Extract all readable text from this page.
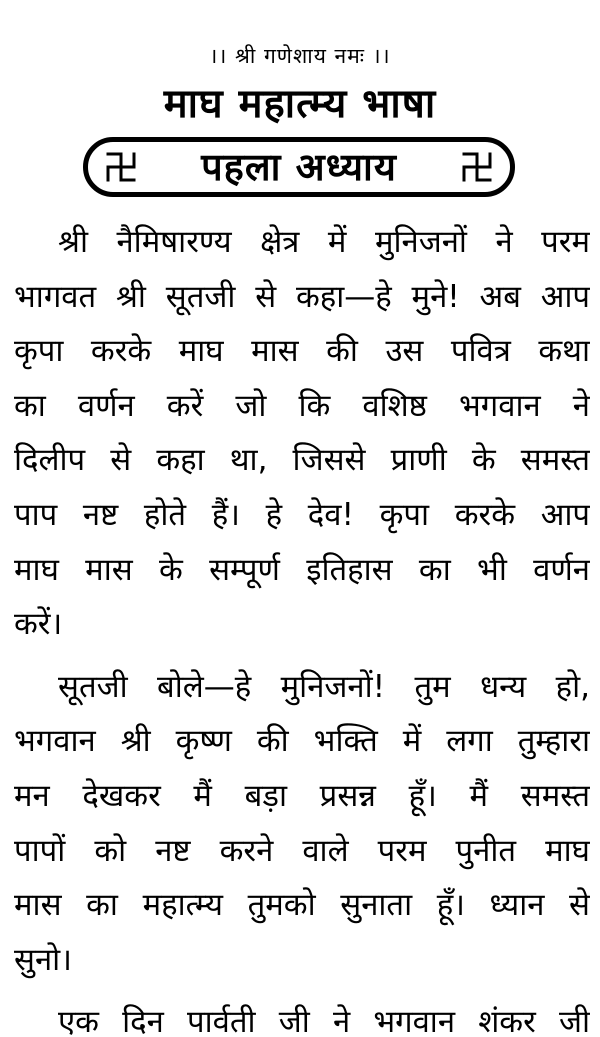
।। श्री गणेशाय नमः ।।
माघ महात्म्य भाषा
पहला अध्याय
श्री नैमिषारण्य क्षेत्र में मुनिजनों ने परम
भागवत श्री सूतजी से कहा—हे मुने! अब आप
कृपा करके माघ मास की उस पवित्र कथा
का वर्णन करें जो कि वशिष्ठ भगवान ने
दिलीप से कहा था, जिससे प्राणी के समस्त
पाप नष्ट होते हैं। हे देव! कृपा करके आप
माघ मास के सम्पूर्ण इतिहास का भी वर्णन
करें।
सूतजी बोले—हे मुनिजनों! तुम धन्य हो,
भगवान श्री कृष्ण की भक्ति में लगा तुम्हारा
मन देखकर मैं बड़ा प्रसन्न हूँ। मैं समस्त
पापों को नष्ट करने वाले परम पुनीत माघ
मास का महात्म्य तुमको सुनाता हूँ। ध्यान से
सुनो।
एक दिन पार्वती जी ने भगवान शंकर जी
